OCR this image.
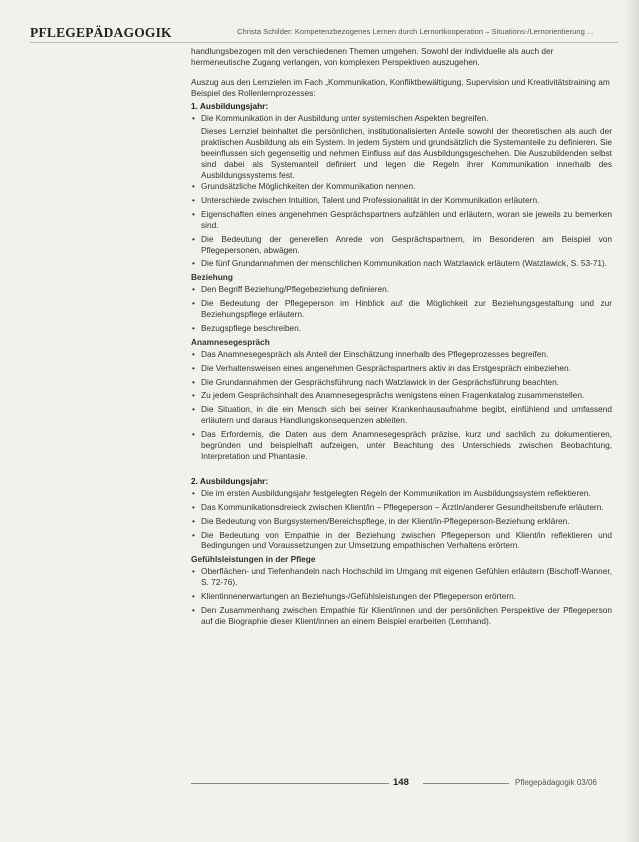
PFLEGEPÄDAGOGIK	Christa Schilder: Kompetenzbezogenes Lernen durch Lernortkooperation – Situations-/Lernorientierung ...

handlungsbezogen mit den verschiedenen Themen umgehen. Sowohl der individuelle als auch der hermeneutische Zugang verlangen, von komplexen Perspektiven auszugehen.

Auszug aus den Lernzielen im Fach „Kommunikation, Konfliktbewältigung, Supervision und Kreativitätstraining am Beispiel des Rollenlernprozesses:

1. Ausbildungsjahr:
• Die Kommunikation in der Ausbildung unter systemischen Aspekten begreifen.

Dieses Lernziel beinhaltet die persönlichen, institutionalisierten Anteile sowohl der theoretischen als auch der praktischen Ausbildung als ein System. In jedem System und grundsätzlich die Systemanteile zu definieren. Sie beeinflussen sich gegenseitig und nehmen Einfluss auf das Ausbildungsgeschehen. Die Auszubildenden selbst sind dabei als Systemanteil definiert und legen die Regeln ihrer Kommunikation innerhalb des Ausbildungssystems fest.

• Grundsätzliche Möglichkeiten der Kommunikation nennen.
• Unterschiede zwischen Intuition, Talent und Professionalität in der Kommunikation erläutern.
• Eigenschaften eines angenehmen Gesprächspartners aufzählen und erläutern, woran sie jeweils zu bemerken sind.
• Die Bedeutung der generellen Anrede von Gesprächspartnern, im Besonderen am Beispiel von Pflegepersonen, abwägen.
• Die fünf Grundannahmen der menschlichen Kommunikation nach Watzlawick erläutern (Watzlawick, S. 53-71).
Beziehung
• Den Begriff Beziehung/Pflegebeziehung definieren.
• Die Bedeutung der Pflegeperson im Hinblick auf die Möglichkeit zur Beziehungsgestaltung und zur Beziehungspflege erläutern.
• Bezugspflege beschreiben.
Anamnesegespräch
• Das Anamnesegespräch als Anteil der Einschätzung innerhalb des Pflegeprozesses begreifen.
• Die Verhaltensweisen eines angenehmen Gesprächspartners aktiv in das Erstgespräch einbeziehen.
• Die Grundannahmen der Gesprächsführung nach Watzlawick in der Gesprächsführung beachten.
• Zu jedem Gesprächsinhalt des Anamnesegesprächs wenigstens einen Fragenkatalog zusammenstellen.
• Die Situation, in die ein Mensch sich bei seiner Krankenhausaufnahme begibt, einfühlend und umfassend erläutern und daraus Handlungskonsequenzen ableiten.
• Das Erfordernis, die Daten aus dem Anamnesegespräch präzise, kurz und sachlich zu dokumentieren, begründen und beispielhaft aufzeigen, unter Beachtung des Unterschieds zwischen Beobachtung, Interpretation und Phantasie.
2. Ausbildungsjahr:
• Die im ersten Ausbildungsjahr festgelegten Regeln der Kommunikation im Ausbildungssystem reflektieren.
• Das Kommunikationsdreieck zwischen Klient/in – Pflegeperson – Ärztin/anderer Gesundheitsberufe erläutern.
• Die Bedeutung von Burgsystemen/Bereichspflege, in der Klient/in-Pflegeperson-Beziehung erklären.
• Die Bedeutung von Empathie in der Beziehung zwischen Pflegeperson und Klient/in reflektieren und Bedingungen und Voraussetzungen zur Umsetzung empathischen Verhaltens erörtern.
Gefühlsleistungen in der Pflege
• Oberflächen- und Tiefenhandeln nach Hochschild im Umgang mit eigenen Gefühlen erläutern (Bischoff-Wanner, S. 72-76).
• Klientinnenerwartungen an Beziehungs-/Gefühlsleistungen der Pflegeperson erörtern.
• Den Zusammenhang zwischen Empathie für Klient/innen und der persönlichen Perspektive der Pflegeperson auf die Biographie dieser Klient/innen an einem Beispiel erarbeiten (Lernhand).
148	Pflegepädagogik 03/06
